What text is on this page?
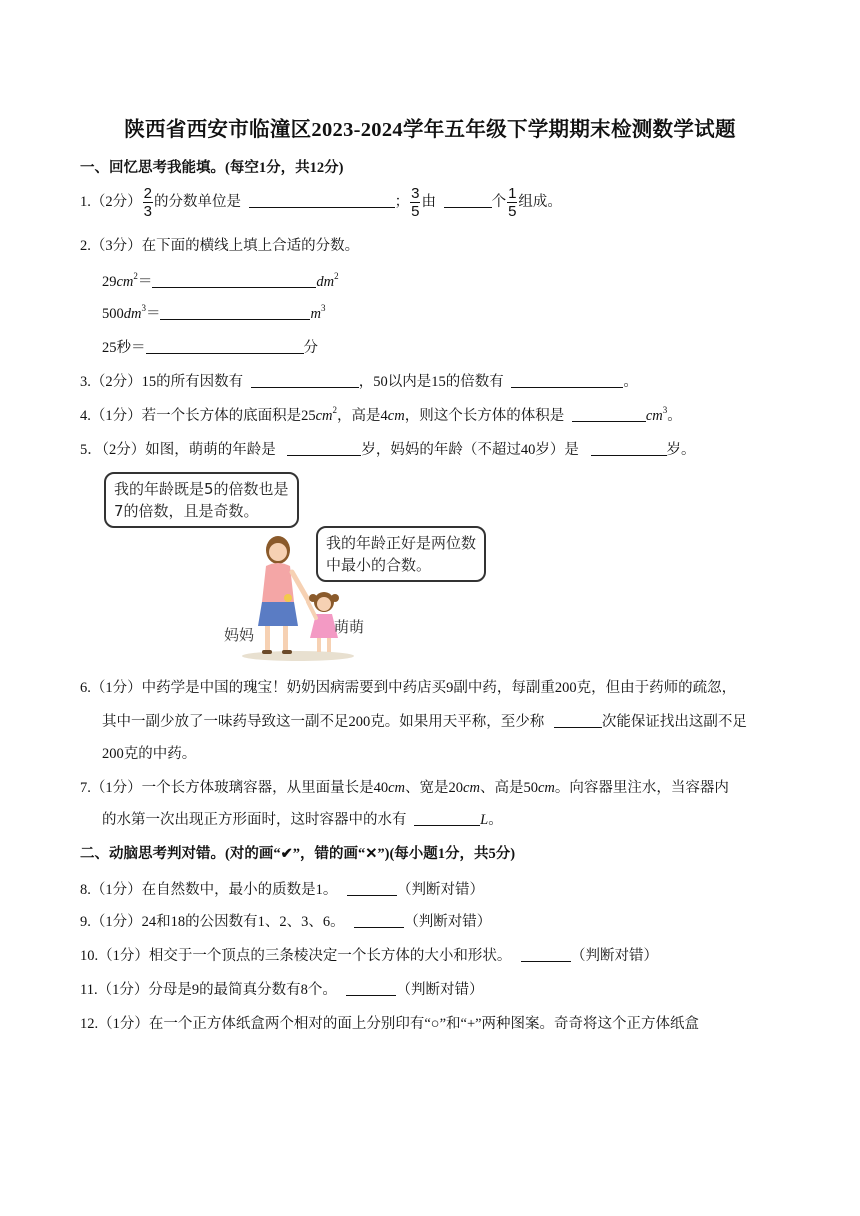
陕西省西安市临潼区2023-2024学年五年级下学期期末检测数学试题
一、回忆思考我能填。(每空1分，共12分)
1.（2分） $\frac{2}{3}$ 的分数单位是	； $\frac{3}{5}$ 由	个 $\frac{1}{5}$ 组成。
2.（3分）在下面的横线上填上合适的分数。
$29cm^2=$	$dm^2$
$500dm^3=$	$m^3$
25秒＝	分
3.（2分）15的所有因数有	，50以内是15的倍数有	。
4.（1分）若一个长方体的底面积是$25cm^2$，高是4cm，则这个长方体的体积是	$cm^3$。
5．（2分）如图，萌萌的年龄是	岁，妈妈的年龄（不超过40岁）是	岁。
我的年龄既是5的倍数也是
7的倍数，且是奇数。
我的年龄正好是两位数
中最小的合数。
妈妈	萌萌
6.（1分）中药学是中国的瑰宝！奶奶因病需要到中药店买9副中药，每副重200克，但由于药师的疏忽，
其中一副少放了一味药导致这一副不足200克。如果用天平称，至少称	次能保证找出这副不足
200克的中药。
7.（1分）一个长方体玻璃容器，从里面量长是40cm、宽是20cm、高是50cm。向容器里注水，当容器内
的水第一次出现正方形面时，这时容器中的水有	L。
二、动脑思考判对错。(对的画“✔”，错的画“✕”)(每小题1分，共5分)
8.（1分）在自然数中，最小的质数是1。	（判断对错）
9.（1分）24和18的公因数有1、2、3、6。	（判断对错）
10.（1分）相交于一个顶点的三条棱决定一个长方体的大小和形状。	（判断对错）
11.（1分）分母是9的最简真分数有8个。	（判断对错）
12.（1分）在一个正方体纸盒两个相对的面上分别印有“○”和“+”两种图案。奇奇将这个正方体纸盒
